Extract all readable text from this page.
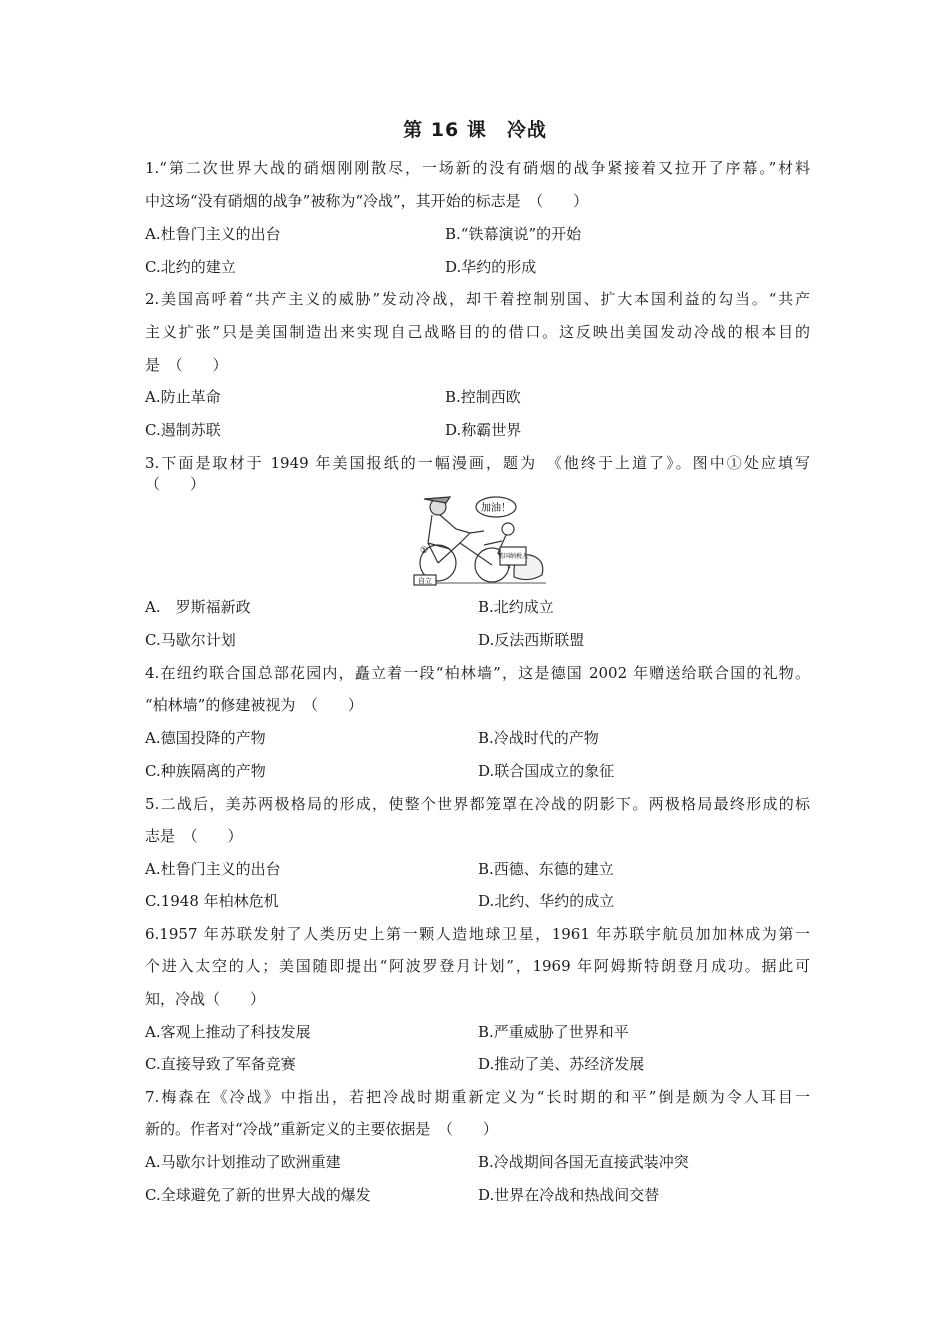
第 16 课　冷战
1.“第二次世界大战的硝烟刚刚散尽，一场新的没有硝烟的战争紧接着又拉开了序幕。”材料
中这场“没有硝烟的战争”被称为“冷战”，其开始的标志是　（　　）
A.杜鲁门主义的出台	B.“铁幕演说”的开始
C.北约的建立	D.华约的形成
2.美国高呼着“共产主义的威胁”发动冷战，却干着控制别国、扩大本国利益的勾当。“共产
主义扩张”只是美国制造出来实现自己战略目的的借口。这反映出美国发动冷战的根本目的
是　（　　）
A.防止革命	B.控制西欧
C.遏制苏联	D.称霸世界
3.下面是取材于 1949 年美国报纸的一幅漫画，题为　《他终于上道了》。图中①处应填写
（　　）
加油！
美国纳税人
自立
①
A.　罗斯福新政	B.北约成立
C.马歇尔计划	D.反法西斯联盟
4.在纽约联合国总部花园内，矗立着一段“柏林墙”，这是德国 2002 年赠送给联合国的礼物。
“柏林墙”的修建被视为　（　　）
A.德国投降的产物	B.冷战时代的产物
C.种族隔离的产物	D.联合国成立的象征
5.二战后，美苏两极格局的形成，使整个世界都笼罩在冷战的阴影下。两极格局最终形成的标
志是　（　　）
A.杜鲁门主义的出台	B.西德、东德的建立
C.1948 年柏林危机	D.北约、华约的成立
6.1957 年苏联发射了人类历史上第一颗人造地球卫星，1961 年苏联宇航员加加林成为第一
个进入太空的人；美国随即提出“阿波罗登月计划”，1969 年阿姆斯特朗登月成功。据此可
知，冷战（　　）
A.客观上推动了科技发展	B.严重威胁了世界和平
C.直接导致了军备竞赛	D.推动了美、苏经济发展
7.梅森在《冷战》中指出，若把冷战时期重新定义为“长时期的和平”倒是颇为令人耳目一
新的。作者对“冷战”重新定义的主要依据是　（　　）
A.马歇尔计划推动了欧洲重建	B.冷战期间各国无直接武装冲突
C.全球避免了新的世界大战的爆发	D.世界在冷战和热战间交替
